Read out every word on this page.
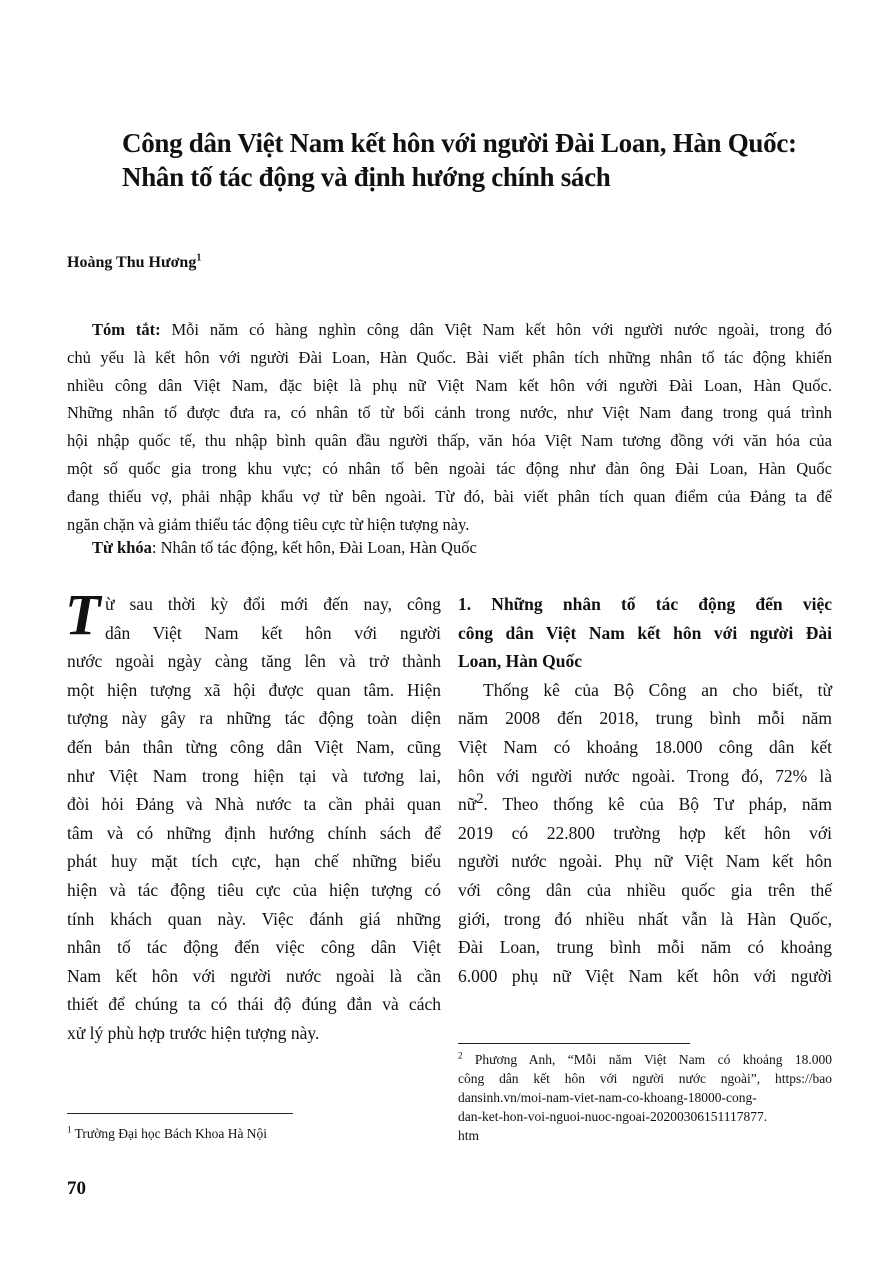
Công dân Việt Nam kết hôn với người Đài Loan, Hàn Quốc:
Nhân tố tác động và định hướng chính sách
Hoàng Thu Hương$^1$
Tóm tắt: Mỗi năm có hàng nghìn công dân Việt Nam kết hôn với người nước ngoài, trong đó
chủ yếu là kết hôn với người Đài Loan, Hàn Quốc. Bài viết phân tích những nhân tố tác động khiến
nhiều công dân Việt Nam, đặc biệt là phụ nữ Việt Nam kết hôn với người Đài Loan, Hàn Quốc.
Những nhân tố được đưa ra, có nhân tố từ bối cảnh trong nước, như Việt Nam đang trong quá trình
hội nhập quốc tế, thu nhập bình quân đầu người thấp, văn hóa Việt Nam tương đồng với văn hóa của
một số quốc gia trong khu vực; có nhân tố bên ngoài tác động như đàn ông Đài Loan, Hàn Quốc
đang thiếu vợ, phải nhập khẩu vợ từ bên ngoài. Từ đó, bài viết phân tích quan điểm của Đảng ta để
ngăn chặn và giảm thiểu tác động tiêu cực từ hiện tượng này.
Từ khóa: Nhân tố tác động, kết hôn, Đài Loan, Hàn Quốc
T ừ sau thời kỳ đổi mới đến nay, công
dân Việt Nam kết hôn với người
nước ngoài ngày càng tăng lên và trở thành
một hiện tượng xã hội được quan tâm. Hiện
tượng này gây ra những tác động toàn diện
đến bản thân từng công dân Việt Nam, cũng
như Việt Nam trong hiện tại và tương lai,
đòi hỏi Đảng và Nhà nước ta cần phải quan
tâm và có những định hướng chính sách để
phát huy mặt tích cực, hạn chế những biểu
hiện và tác động tiêu cực của hiện tượng có
tính khách quan này. Việc đánh giá những
nhân tố tác động đến việc công dân Việt
Nam kết hôn với người nước ngoài là cần
thiết để chúng ta có thái độ đúng đắn và cách
xử lý phù hợp trước hiện tượng này.
1. Những nhân tố tác động đến việc
công dân Việt Nam kết hôn với người Đài
Loan, Hàn Quốc
Thống kê của Bộ Công an cho biết, từ
năm 2008 đến 2018, trung bình mỗi năm
Việt Nam có khoảng 18.000 công dân kết
hôn với người nước ngoài. Trong đó, 72% là
nữ$^2$. Theo thống kê của Bộ Tư pháp, năm
2019 có 22.800 trường hợp kết hôn với
người nước ngoài. Phụ nữ Việt Nam kết hôn
với công dân của nhiều quốc gia trên thế
giới, trong đó nhiều nhất vẫn là Hàn Quốc,
Đài Loan, trung bình mỗi năm có khoảng
6.000 phụ nữ Việt Nam kết hôn với người
$^2$ Phương Anh, “Mỗi năm Việt Nam có khoảng 18.000
công dân kết hôn với người nước ngoài”, https://bao
dansinh.vn/moi-nam-viet-nam-co-khoang-18000-cong-
dan-ket-hon-voi-nguoi-nuoc-ngoai-20200306151117877.
htm
$^1$ Trường Đại học Bách Khoa Hà Nội
70
